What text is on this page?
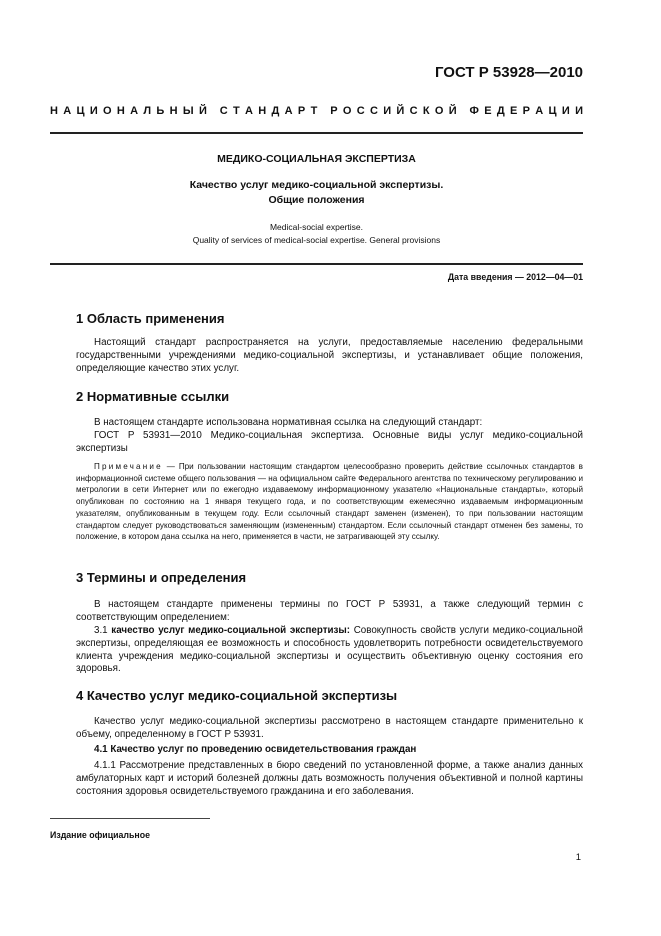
ГОСТ Р 53928—2010
Н А Ц И О Н А Л Ь Н Ы Й С Т А Н Д А Р Т Р О С С И Й С К О Й Ф Е Д Е Р А Ц И И
МЕДИКО-СОЦИАЛЬНАЯ ЭКСПЕРТИЗА
Качество услуг медико-социальной экспертизы.
Общие положения
Medical-social expertise.
Quality of services of medical-social expertise. General provisions
Дата введения — 2012—04—01
1 Область применения

Настоящий стандарт распространяется на услуги, предоставляемые населению федеральными государственными учреждениями медико-социальной экспертизы, и устанавливает общие положения, определяющие качество этих услуг.

2 Нормативные ссылки

В настоящем стандарте использована нормативная ссылка на следующий стандарт:

ГОСТ Р 53931—2010 Медико-социальная экспертиза. Основные виды услуг медико-социальной экспертизы

Примечание — При пользовании настоящим стандартом целесообразно проверить действие ссылочных стандартов в информационной системе общего пользования — на официальном сайте Федерального агентства по техническому регулированию и метрологии в сети Интернет или по ежегодно издаваемому информационному указателю «Национальные стандарты», который опубликован по состоянию на 1 января текущего года, и по соответствующим ежемесячно издаваемым информационным указателям, опубликованным в текущем году. Если ссылочный стандарт заменен (изменен), то при пользовании настоящим стандартом следует руководствоваться заменяющим (измененным) стандартом. Если ссылочный стандарт отменен без замены, то положение, в котором дана ссылка на него, применяется в части, не затрагивающей эту ссылку.

3 Термины и определения

В настоящем стандарте применены термины по ГОСТ Р 53931, а также следующий термин с соответствующим определением:

3.1 качество услуг медико-социальной экспертизы: Совокупность свойств услуги медико-социальной экспертизы, определяющая ее возможность и способность удовлетворить потребности освидетельствуемого клиента учреждения медико-социальной экспертизы и осуществить объективную оценку состояния его здоровья.

4 Качество услуг медико-социальной экспертизы

Качество услуг медико-социальной экспертизы рассмотрено в настоящем стандарте применительно к объему, определенному в ГОСТ Р 53931.

4.1 Качество услуг по проведению освидетельствования граждан

4.1.1 Рассмотрение представленных в бюро сведений по установленной форме, а также анализ данных амбулаторных карт и историй болезней должны дать возможность получения объективной и полной картины состояния здоровья освидетельствуемого гражданина и его заболевания.

Издание официальное
1
